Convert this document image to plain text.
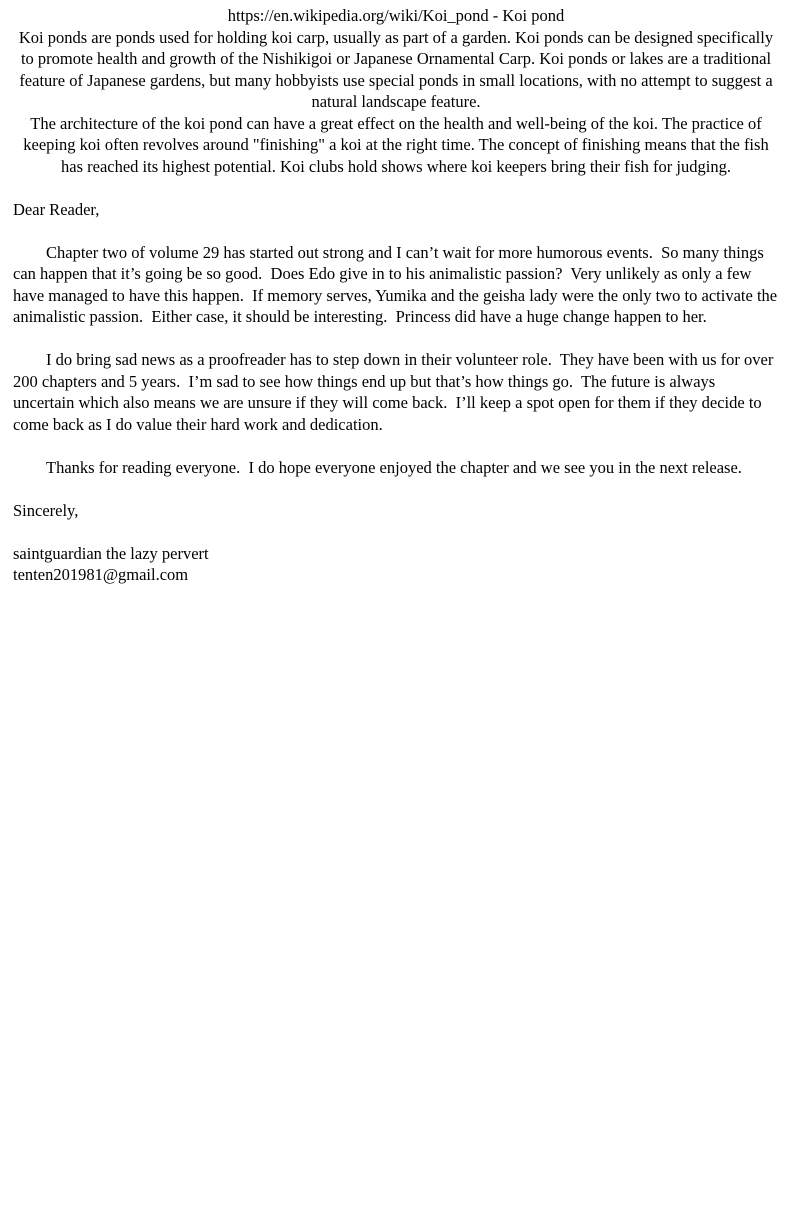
https://en.wikipedia.org/wiki/Koi_pond - Koi pond
Koi ponds are ponds used for holding koi carp, usually as part of a garden. Koi ponds can be designed specifically to promote health and growth of the Nishikigoi or Japanese Ornamental Carp. Koi ponds or lakes are a traditional feature of Japanese gardens, but many hobbyists use special ponds in small locations, with no attempt to suggest a natural landscape feature.
The architecture of the koi pond can have a great effect on the health and well-being of the koi. The practice of keeping koi often revolves around "finishing" a koi at the right time. The concept of finishing means that the fish has reached its highest potential. Koi clubs hold shows where koi keepers bring their fish for judging.

Dear Reader,

Chapter two of volume 29 has started out strong and I can’t wait for more humorous events.  So many things can happen that it’s going be so good.  Does Edo give in to his animalistic passion?  Very unlikely as only a few have managed to have this happen.  If memory serves, Yumika and the geisha lady were the only two to activate the animalistic passion.  Either case, it should be interesting.  Princess did have a huge change happen to her.

I do bring sad news as a proofreader has to step down in their volunteer role.  They have been with us for over 200 chapters and 5 years.  I’m sad to see how things end up but that’s how things go.  The future is always uncertain which also means we are unsure if they will come back.  I’ll keep a spot open for them if they decide to come back as I do value their hard work and dedication.

Thanks for reading everyone.  I do hope everyone enjoyed the chapter and we see you in the next release.

Sincerely,

saintguardian the lazy pervert
tenten201981@gmail.com
